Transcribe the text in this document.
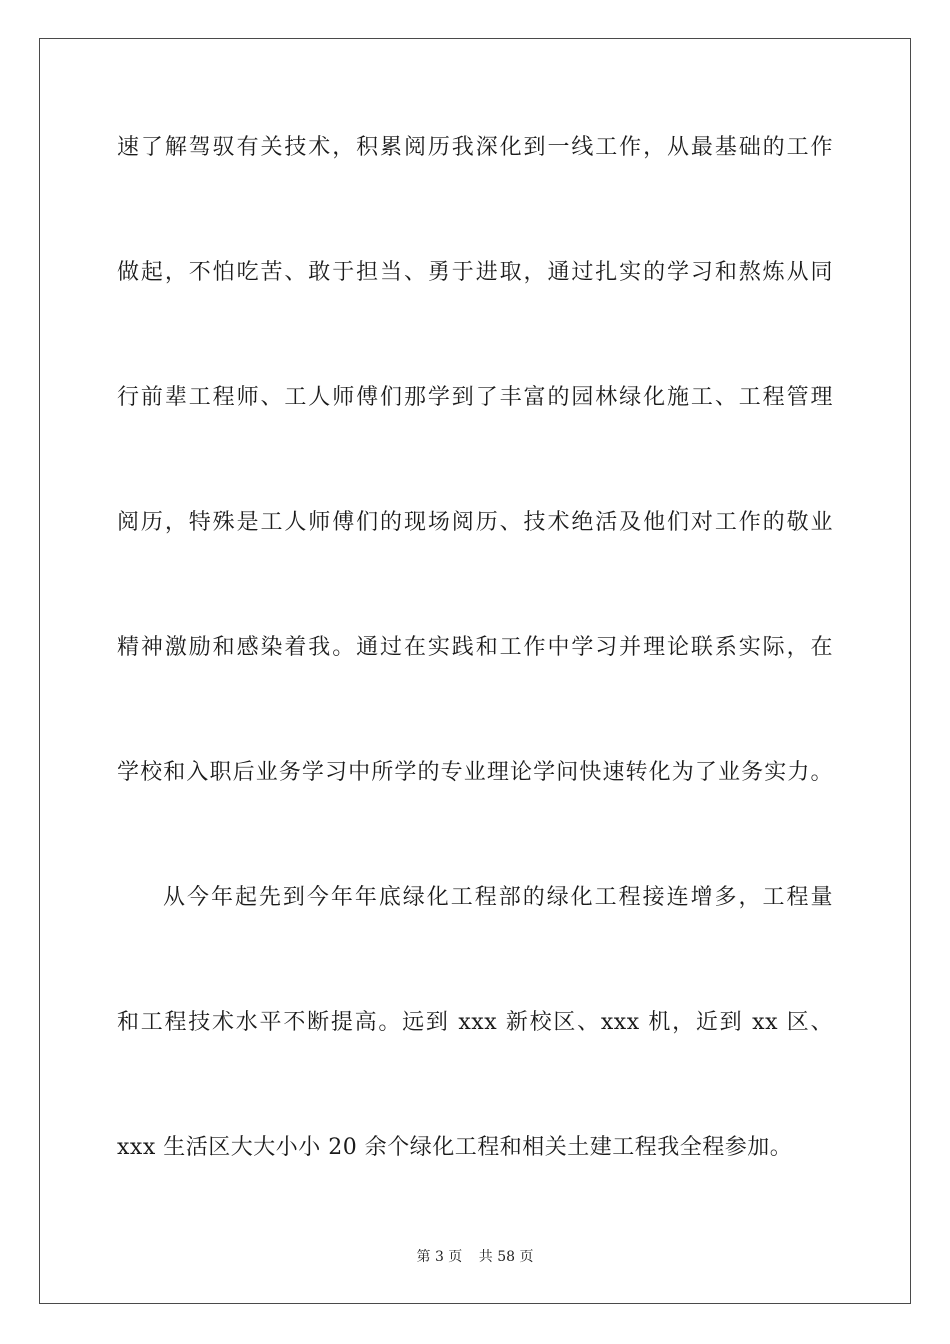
速了解驾驭有关技术，积累阅历我深化到一线工作，从最基础的工作
做起，不怕吃苦、敢于担当、勇于进取，通过扎实的学习和熬炼从同
行前辈工程师、工人师傅们那学到了丰富的园林绿化施工、工程管理
阅历，特殊是工人师傅们的现场阅历、技术绝活及他们对工作的敬业
精神激励和感染着我。通过在实践和工作中学习并理论联系实际，在
学校和入职后业务学习中所学的专业理论学问快速转化为了业务实力。
从今年起先到今年年底绿化工程部的绿化工程接连增多，工程量
和工程技术水平不断提高。远到 xxx 新校区、xxx 机，近到 xx 区、
xxx 生活区大大小小 20 余个绿化工程和相关土建工程我全程参加。
第 3 页 共 58 页
